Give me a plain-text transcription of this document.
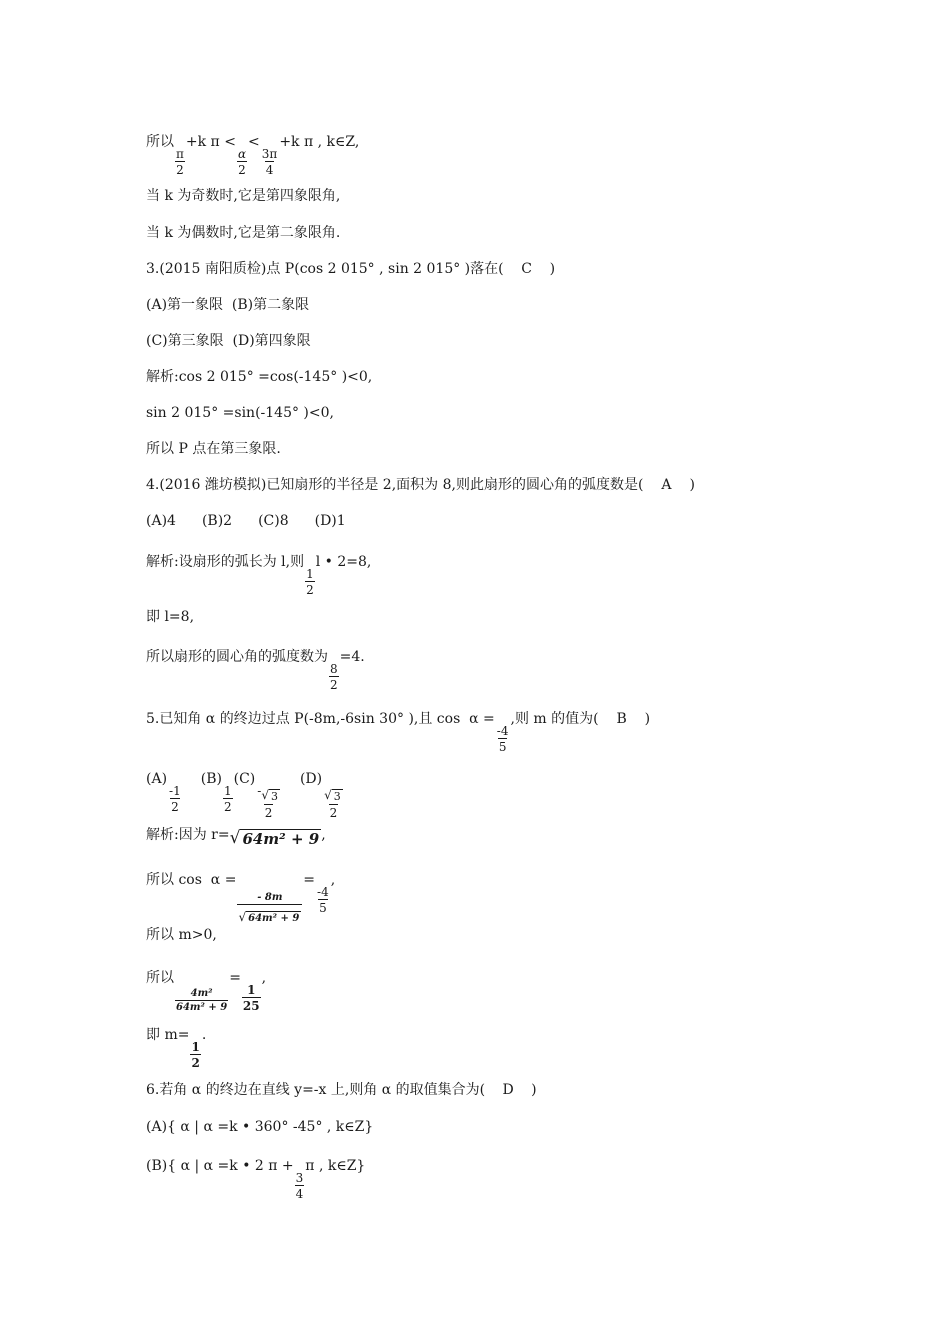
所以
$\frac{\pi}{2}$
+k π <
$\frac{\alpha}{2}$
<
$\frac{3\pi}{4}$
+k π , k∈Z,
当 k 为奇数时,它是第四象限角,
当 k 为偶数时,它是第二象限角.
3.(2015 南阳质检)点 P(cos 2 015° , sin 2 015° )落在( C )
(A)第一象限  (B)第二象限
(C)第三象限  (D)第四象限
解析:cos 2 015° =cos(-145° )<0,
sin 2 015° =sin(-145° )<0,
所以 P 点在第三象限.
4.(2016 潍坊模拟)已知扇形的半径是 2,面积为 8,则此扇形的圆心角的弧度数是( A )
(A)4 (B)2 (C)8 (D)1
解析:设扇形的弧长为 l,则
$\frac{1}{2}$
l • 2=8,
即 l=8,
所以扇形的圆心角的弧度数为
$\frac{8}{2}$
=4.
5.已知角 α 的终边过点 P(-8m,-6sin 30° ),且 cos  α =
$\frac{-4}{5}$
,则 m 的值为( B )
(A)
$\frac{-1}{2}$
(B)
$\frac{1}{2}$
(C)
$\frac{- √ 3}{2}$
(D)
$\frac{√ 3}{2}$
解析:因为 r= √ 64m² + 9 ,
所以 cos  α =
- 8m
√ 64m² + 9
=
$\frac{-4}{5}$
,
所以 m>0,
所以
$\frac{\text{4m²}}{\text{64m² + 9}}$
=
$\frac{1}{25}$
,
即 m=
$\frac{1}{2}$
.
6.若角 α 的终边在直线 y=-x 上,则角 α 的取值集合为( D )
(A){ α | α =k • 360° -45° , k∈Z}
(B){ α | α =k • 2 π +
$\frac{3}{4}$
π , k∈Z}
